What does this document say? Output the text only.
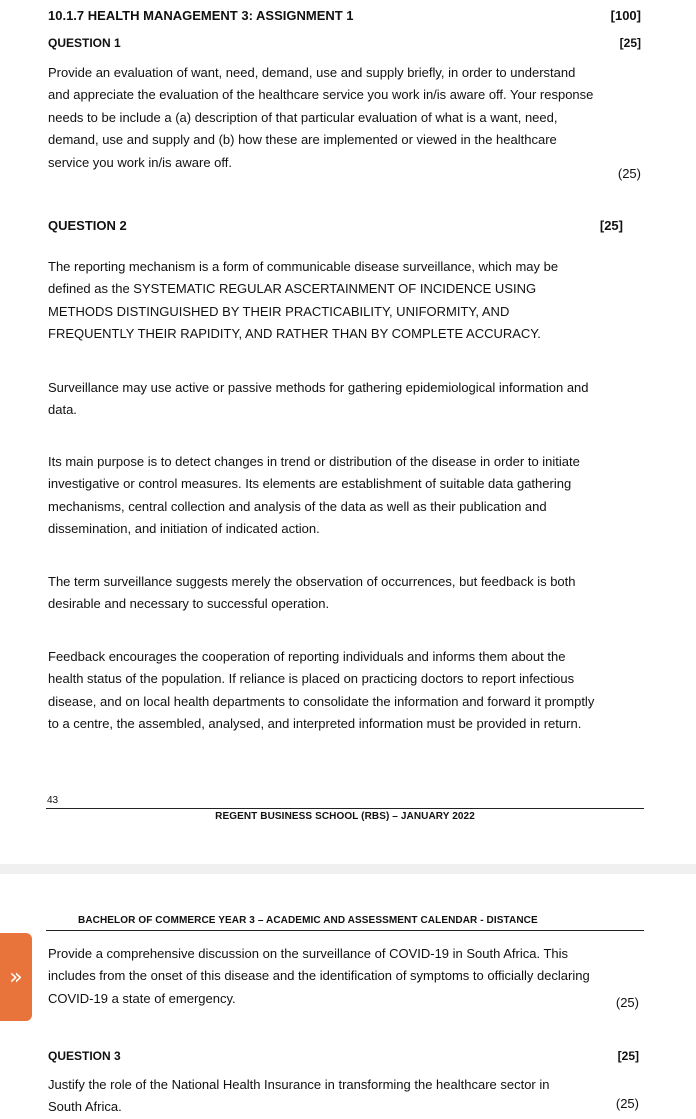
10.1.7 HEALTH MANAGEMENT 3: ASSIGNMENT 1	[100]
QUESTION 1	[25]
Provide an evaluation of want, need, demand, use and supply briefly, in order to understand
and appreciate the evaluation of the healthcare service you work in/is aware off. Your response
needs to be include a (a) description of that particular evaluation of what is a want, need,
demand, use and supply and (b) how these are implemented or viewed in the healthcare
service you work in/is aware off.
(25)
QUESTION 2	[25]
The reporting mechanism is a form of communicable disease surveillance, which may be
defined as the SYSTEMATIC REGULAR ASCERTAINMENT OF INCIDENCE USING
METHODS DISTINGUISHED BY THEIR PRACTICABILITY, UNIFORMITY, AND
FREQUENTLY THEIR RAPIDITY, AND RATHER THAN BY COMPLETE ACCURACY.
Surveillance may use active or passive methods for gathering epidemiological information and
data.
Its main purpose is to detect changes in trend or distribution of the disease in order to initiate
investigative or control measures. Its elements are establishment of suitable data gathering
mechanisms, central collection and analysis of the data as well as their publication and
dissemination, and initiation of indicated action.
The term surveillance suggests merely the observation of occurrences, but feedback is both
desirable and necessary to successful operation.
Feedback encourages the cooperation of reporting individuals and informs them about the
health status of the population. If reliance is placed on practicing doctors to report infectious
disease, and on local health departments to consolidate the information and forward it promptly
to a centre, the assembled, analysed, and interpreted information must be provided in return.
43
REGENT BUSINESS SCHOOL (RBS) – JANUARY 2022
BACHELOR OF COMMERCE YEAR 3 – ACADEMIC AND ASSESSMENT CALENDAR - DISTANCE
Provide a comprehensive discussion on the surveillance of COVID-19 in South Africa. This
includes from the onset of this disease and the identification of symptoms to officially declaring
COVID-19 a state of emergency.	(25)
QUESTION 3	[25]
Justify the role of the National Health Insurance in transforming the healthcare sector in
South Africa.	(25)
»
